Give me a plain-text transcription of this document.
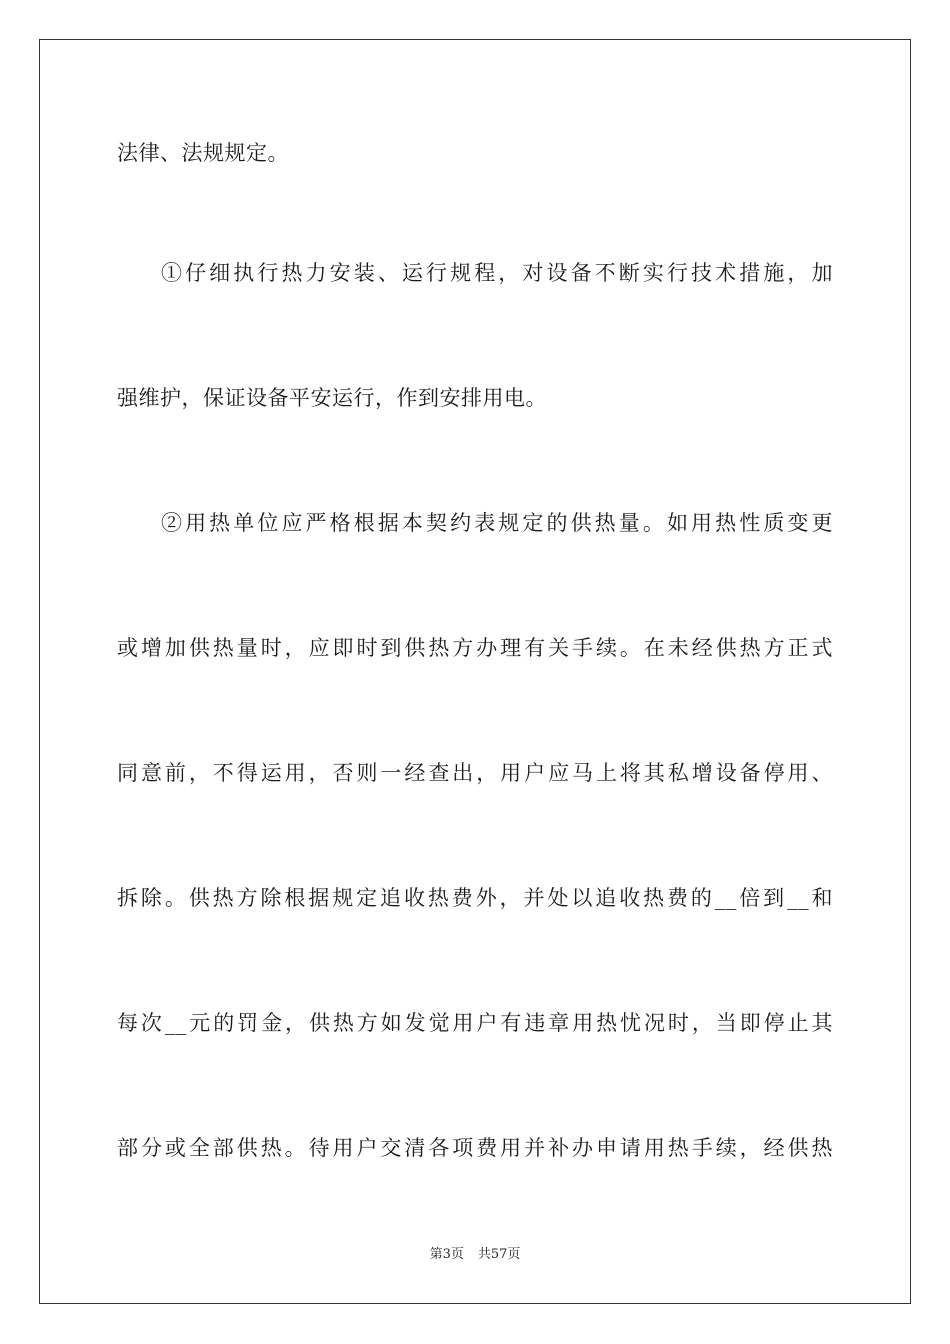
法律、法规规定。
①仔细执行热力安装、运行规程，对设备不断实行技术措施，加
强维护，保证设备平安运行，作到安排用电。
②用热单位应严格根据本契约表规定的供热量。如用热性质变更
或增加供热量时，应即时到供热方办理有关手续。在未经供热方正式
同意前，不得运用，否则一经查出，用户应马上将其私增设备停用、
拆除。供热方除根据规定追收热费外，并处以追收热费的__倍到__和
每次__元的罚金，供热方如发觉用户有违章用热忧况时，当即停止其
部分或全部供热。待用户交清各项费用并补办申请用热手续，经供热
第3页 共57页
